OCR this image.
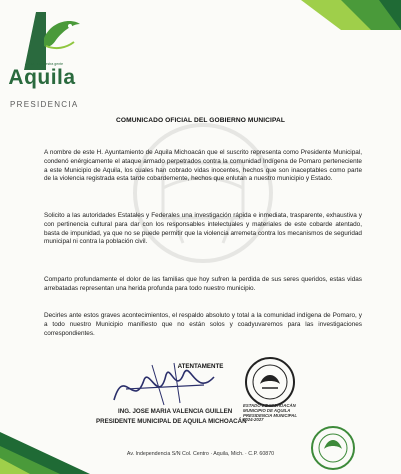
Aquila por nuestra gente
Aquila
PRESIDENCIA
COMUNICADO OFICIAL DEL GOBIERNO MUNICIPAL

A nombre de este H. Ayuntamiento de Aquila Michoacán que el suscrito representa como Presidente Municipal, condenó enérgicamente el ataque armado perpetrados contra la comunidad Indígena de Pomaro perteneciente a este Municipio de Aquila, los cuales han cobrado vidas inocentes, hechos que son inaceptables como parte de la violencia registrada esta tarde cobardemente, hechos que enlutan a nuestro municipio y Estado.

Solicito a las autoridades Estatales y Federales una investigación rápida e inmediata, trasparente, exhaustiva y con pertinencia cultural para dar con los responsables intelectuales y materiales de este cobarde atentado, basta de impunidad, ya que no se puede permitir que la violencia arremeta contra los mecanismos de seguridad municipal ni contra la población civil.

Comparto profundamente el dolor de las familias que hoy sufren la perdida de sus seres queridos, estas vidas arrebatadas representan una herida profunda para todo nuestro municipio.

Decirles ante estos graves acontecimientos, el respaldo absoluto y total a la comunidad indígena de Pomaro, y a todo nuestro Municipio manifiesto que no están solos y coadyuvaremos para las investigaciones correspondientes.

ATENTAMENTE
ESTADO DE MICHOACÁN
MUNICIPIO DE AQUILA
PRESIDENCIA MUNICIPAL
2024-2027
ING. JOSE MARIA VALENCIA GUILLEN
PRESIDENTE MUNICIPAL DE AQUILA MICHOACÁN
Av. Independencia S/N Col. Centro · Aquila, Mich. · C.P. 60870
